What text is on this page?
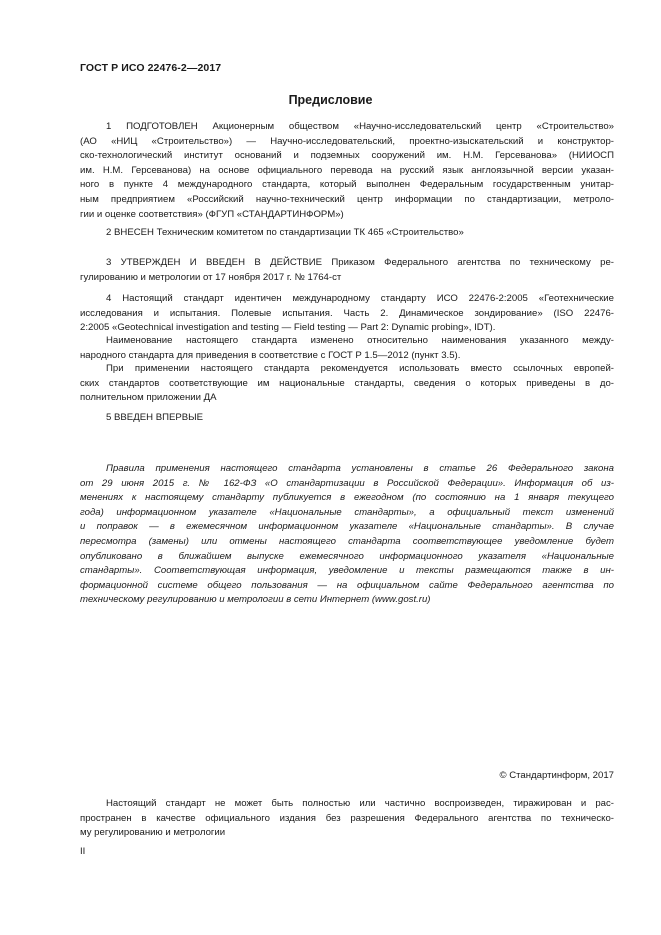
ГОСТ Р ИСО 22476-2—2017
Предисловие
1 ПОДГОТОВЛЕН Акционерным обществом «Научно-исследовательский центр «Строительство»
(АО «НИЦ «Строительство») — Научно-исследовательский, проектно-изыскательский и конструктор-
ско-технологический институт оснований и подземных сооружений им. Н.М. Герсеванова» (НИИОСП
им. Н.М. Герсеванова) на основе официального перевода на русский язык англоязычной версии указан-
ного в пункте 4 международного стандарта, который выполнен Федеральным государственным унитар-
ным предприятием «Российский научно-технический центр информации по стандартизации, метроло-
гии и оценке соответствия» (ФГУП «СТАНДАРТИНФОРМ»)
2 ВНЕСЕН Техническим комитетом по стандартизации ТК 465 «Строительство»
3 УТВЕРЖДЕН И ВВЕДЕН В ДЕЙСТВИЕ Приказом Федерального агентства по техническому ре-
гулированию и метрологии от 17 ноября 2017 г. № 1764-ст
4 Настоящий стандарт идентичен международному стандарту ИСО 22476-2:2005 «Геотехнические
исследования и испытания. Полевые испытания. Часть 2. Динамическое зондирование» (ISO 22476-
2:2005 «Geotechnical investigation and testing — Field testing — Part 2: Dynamic probing», IDT).
Наименование настоящего стандарта изменено относительно наименования указанного между-
народного стандарта для приведения в соответствие с ГОСТ Р 1.5—2012 (пункт 3.5).
При применении настоящего стандарта рекомендуется использовать вместо ссылочных европей-
ских стандартов соответствующие им национальные стандарты, сведения о которых приведены в до-
полнительном приложении ДА
5 ВВЕДЕН ВПЕРВЫЕ
Правила применения настоящего стандарта установлены в статье 26 Федерального закона
от 29 июня 2015 г. № 162-ФЗ «О стандартизации в Российской Федерации». Информация об из-
менениях к настоящему стандарту публикуется в ежегодном (по состоянию на 1 января текущего
года) информационном указателе «Национальные стандарты», а официальный текст изменений
и поправок — в ежемесячном информационном указателе «Национальные стандарты». В случае
пересмотра (замены) или отмены настоящего стандарта соответствующее уведомление будет
опубликовано в ближайшем выпуске ежемесячного информационного указателя «Национальные
стандарты». Соответствующая информация, уведомление и тексты размещаются также в ин-
формационной системе общего пользования — на официальном сайте Федерального агентства по
техническому регулированию и метрологии в сети Интернет (www.gost.ru)
© Стандартинформ, 2017
Настоящий стандарт не может быть полностью или частично воспроизведен, тиражирован и рас-
пространен в качестве официального издания без разрешения Федерального агентства по техническо-
му регулированию и метрологии
II
